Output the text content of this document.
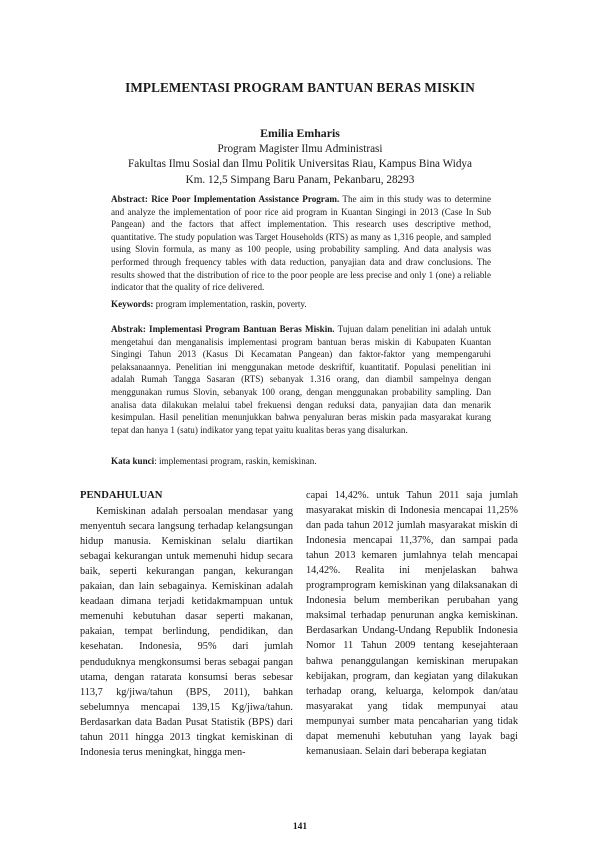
IMPLEMENTASI PROGRAM BANTUAN BERAS MISKIN
Emilia Emharis
Program Magister Ilmu Administrasi
Fakultas Ilmu Sosial dan Ilmu Politik Universitas Riau, Kampus Bina Widya
Km. 12,5 Simpang Baru Panam, Pekanbaru, 28293
Abstract: Rice Poor Implementation Assistance Program. The aim in this study was to determine and analyze the implementation of poor rice aid program in Kuantan Singingi in 2013 (Case In Sub Pangean) and the factors that affect implementation. This research uses descriptive method, quantitative. The study population was Target Households (RTS) as many as 1,316 people, and sampled using Slovin formula, as many as 100 people, using probability sampling. And data analysis was performed through frequency tables with data reduction, panyajian data and draw conclusions. The results showed that the distribution of rice to the poor people are less precise and only 1 (one) a reliable indicator that the quality of rice delivered.
Keywords: program implementation, raskin, poverty.
Abstrak: Implementasi Program Bantuan Beras Miskin. Tujuan dalam penelitian ini adalah untuk mengetahui dan menganalisis implementasi program bantuan beras miskin di Kabupaten Kuantan Singingi Tahun 2013 (Kasus Di Kecamatan Pangean) dan faktor-faktor yang mempengaruhi pelaksanaannya. Penelitian ini menggunakan metode deskriftif, kuantitatif. Populasi penelitian ini adalah Rumah Tangga Sasaran (RTS) sebanyak 1.316 orang, dan diambil sampelnya dengan menggunakan rumus Slovin, sebanyak 100 orang, dengan menggunakan probability sampling. Dan analisa data dilakukan melalui tabel frekuensi dengan reduksi data, panyajian data dan menarik kesimpulan. Hasil penelitian menunjukkan bahwa penyaluran beras miskin pada masyarakat kurang tepat dan hanya 1 (satu) indikator yang tepat yaitu kualitas beras yang disalurkan.
Kata kunci: implementasi program, raskin, kemiskinan.
PENDAHULUAN

Kemiskinan adalah persoalan mendasar yang menyentuh secara langsung terhadap kelangsungan hidup manusia. Kemiskinan selalu diartikan sebagai kekurangan untuk memenuhi hidup secara baik, seperti kekurangan pangan, kekurangan pakaian, dan lain sebagainya. Kemiskinan adalah keadaan dimana terjadi ketidakmampuan untuk memenuhi kebutuhan dasar seperti makanan, pakaian, tempat berlindung, pendidikan, dan kesehatan. Indonesia, 95% dari jumlah penduduknya mengkonsumsi beras sebagai pangan utama, dengan ratarata konsumsi beras sebesar 113,7 kg/jiwa/tahun (BPS, 2011), bahkan sebelumnya mencapai 139,15 Kg/jiwa/tahun. Berdasarkan data Badan Pusat Statistik (BPS) dari tahun 2011 hingga 2013 tingkat kemiskinan di Indonesia terus meningkat, hingga men-

capai 14,42%. untuk Tahun 2011 saja jumlah masyarakat miskin di Indonesia mencapai 11,25% dan pada tahun 2012 jumlah masyarakat miskin di Indonesia mencapai 11,37%, dan sampai pada tahun 2013 kemaren jumlahnya telah mencapai 14,42%. Realita ini menjelaskan bahwa programprogram kemiskinan yang dilaksanakan di Indonesia belum memberikan perubahan yang maksimal terhadap penurunan angka kemiskinan. Berdasarkan Undang-Undang Republik Indonesia Nomor 11 Tahun 2009 tentang kesejahteraan bahwa penanggulangan kemiskinan merupakan kebijakan, program, dan kegiatan yang dilakukan terhadap orang, keluarga, kelompok dan/atau masyarakat yang tidak mempunyai atau mempunyai sumber mata pencaharian yang tidak dapat memenuhi kebutuhan yang layak bagi kemanusiaan. Selain dari beberapa kegiatan

141
